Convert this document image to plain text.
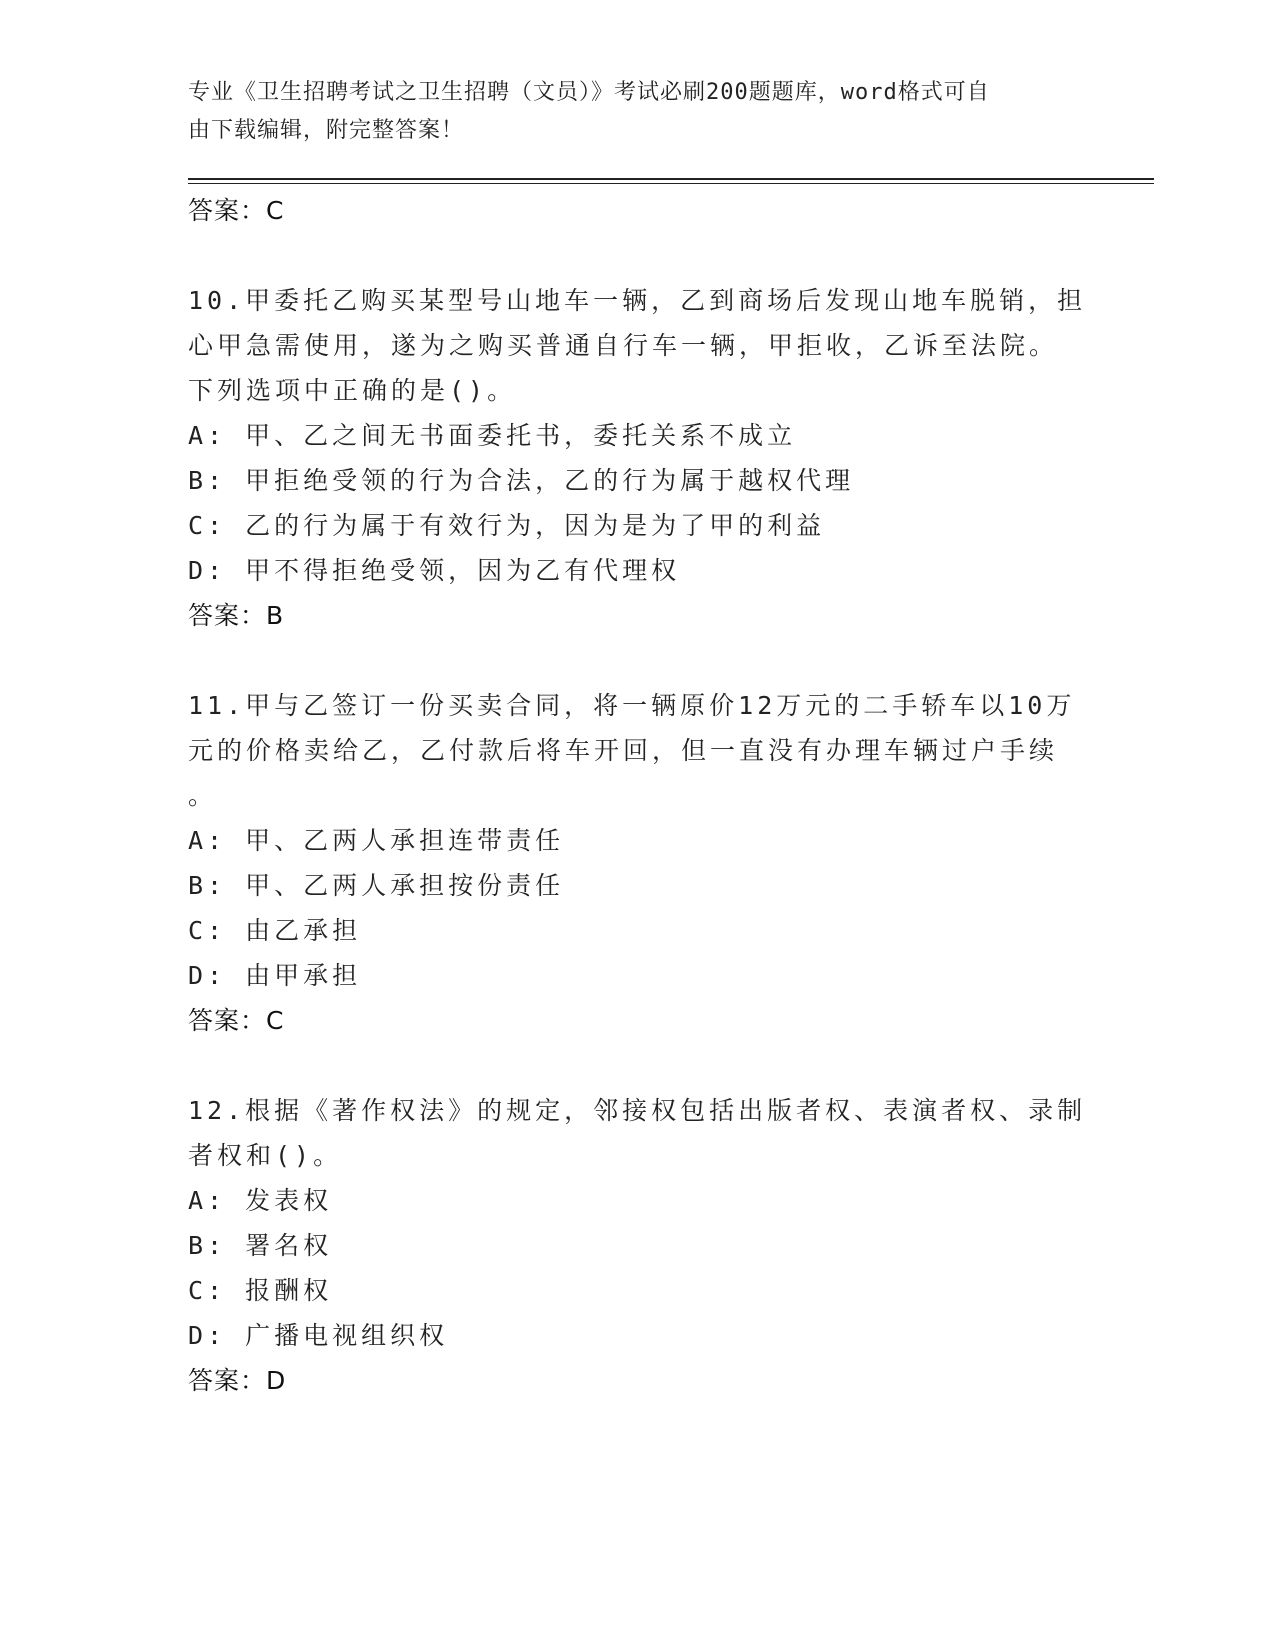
专业《卫生招聘考试之卫生招聘（文员）》考试必刷200题题库，word格式可自
由下载编辑，附完整答案！
答案：C
10.甲委托乙购买某型号山地车一辆，乙到商场后发现山地车脱销，担
心甲急需使用，遂为之购买普通自行车一辆，甲拒收，乙诉至法院。
下列选项中正确的是()。
A: 甲、乙之间无书面委托书，委托关系不成立
B: 甲拒绝受领的行为合法，乙的行为属于越权代理
C: 乙的行为属于有效行为，因为是为了甲的利益
D: 甲不得拒绝受领，因为乙有代理权
答案：B
11.甲与乙签订一份买卖合同，将一辆原价12万元的二手轿车以10万
元的价格卖给乙，乙付款后将车开回，但一直没有办理车辆过户手续
。
A: 甲、乙两人承担连带责任
B: 甲、乙两人承担按份责任
C: 由乙承担
D: 由甲承担
答案：C
12.根据《著作权法》的规定，邻接权包括出版者权、表演者权、录制
者权和()。
A: 发表权
B: 署名权
C: 报酬权
D: 广播电视组织权
答案：D
